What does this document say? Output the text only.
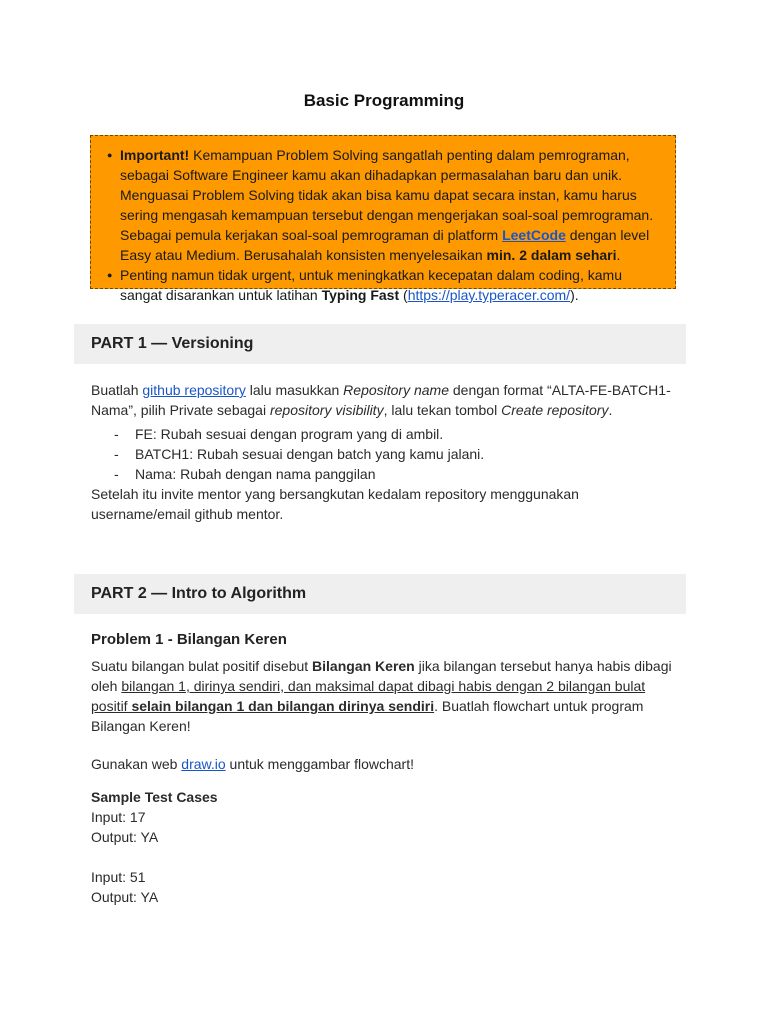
Basic Programming
● Important! Kemampuan Problem Solving sangatlah penting dalam pemrograman, sebagai Software Engineer kamu akan dihadapkan permasalahan baru dan unik. Menguasai Problem Solving tidak akan bisa kamu dapat secara instan, kamu harus sering mengasah kemampuan tersebut dengan mengerjakan soal-soal pemrograman. Sebagai pemula kerjakan soal-soal pemrograman di platform LeetCode dengan level Easy atau Medium. Berusahalah konsisten menyelesaikan min. 2 dalam sehari.
● Penting namun tidak urgent, untuk meningkatkan kecepatan dalam coding, kamu sangat disarankan untuk latihan Typing Fast (https://play.typeracer.com/).
PART 1 — Versioning
Buatlah github repository lalu masukkan Repository name dengan format “ALTA-FE-BATCH1-Nama”, pilih Private sebagai repository visibility, lalu tekan tombol Create repository.
- FE: Rubah sesuai dengan program yang di ambil.
- BATCH1: Rubah sesuai dengan batch yang kamu jalani.
- Nama: Rubah dengan nama panggilan
Setelah itu invite mentor yang bersangkutan kedalam repository menggunakan username/email github mentor.
PART 2 — Intro to Algorithm
Problem 1 - Bilangan Keren
Suatu bilangan bulat positif disebut Bilangan Keren jika bilangan tersebut hanya habis dibagi oleh bilangan 1, dirinya sendiri, dan maksimal dapat dibagi habis dengan 2 bilangan bulat positif selain bilangan 1 dan bilangan dirinya sendiri. Buatlah flowchart untuk program Bilangan Keren!
Gunakan web draw.io untuk menggambar flowchart!
Sample Test Cases
Input: 17
Output: YA
Input: 51
Output: YA
